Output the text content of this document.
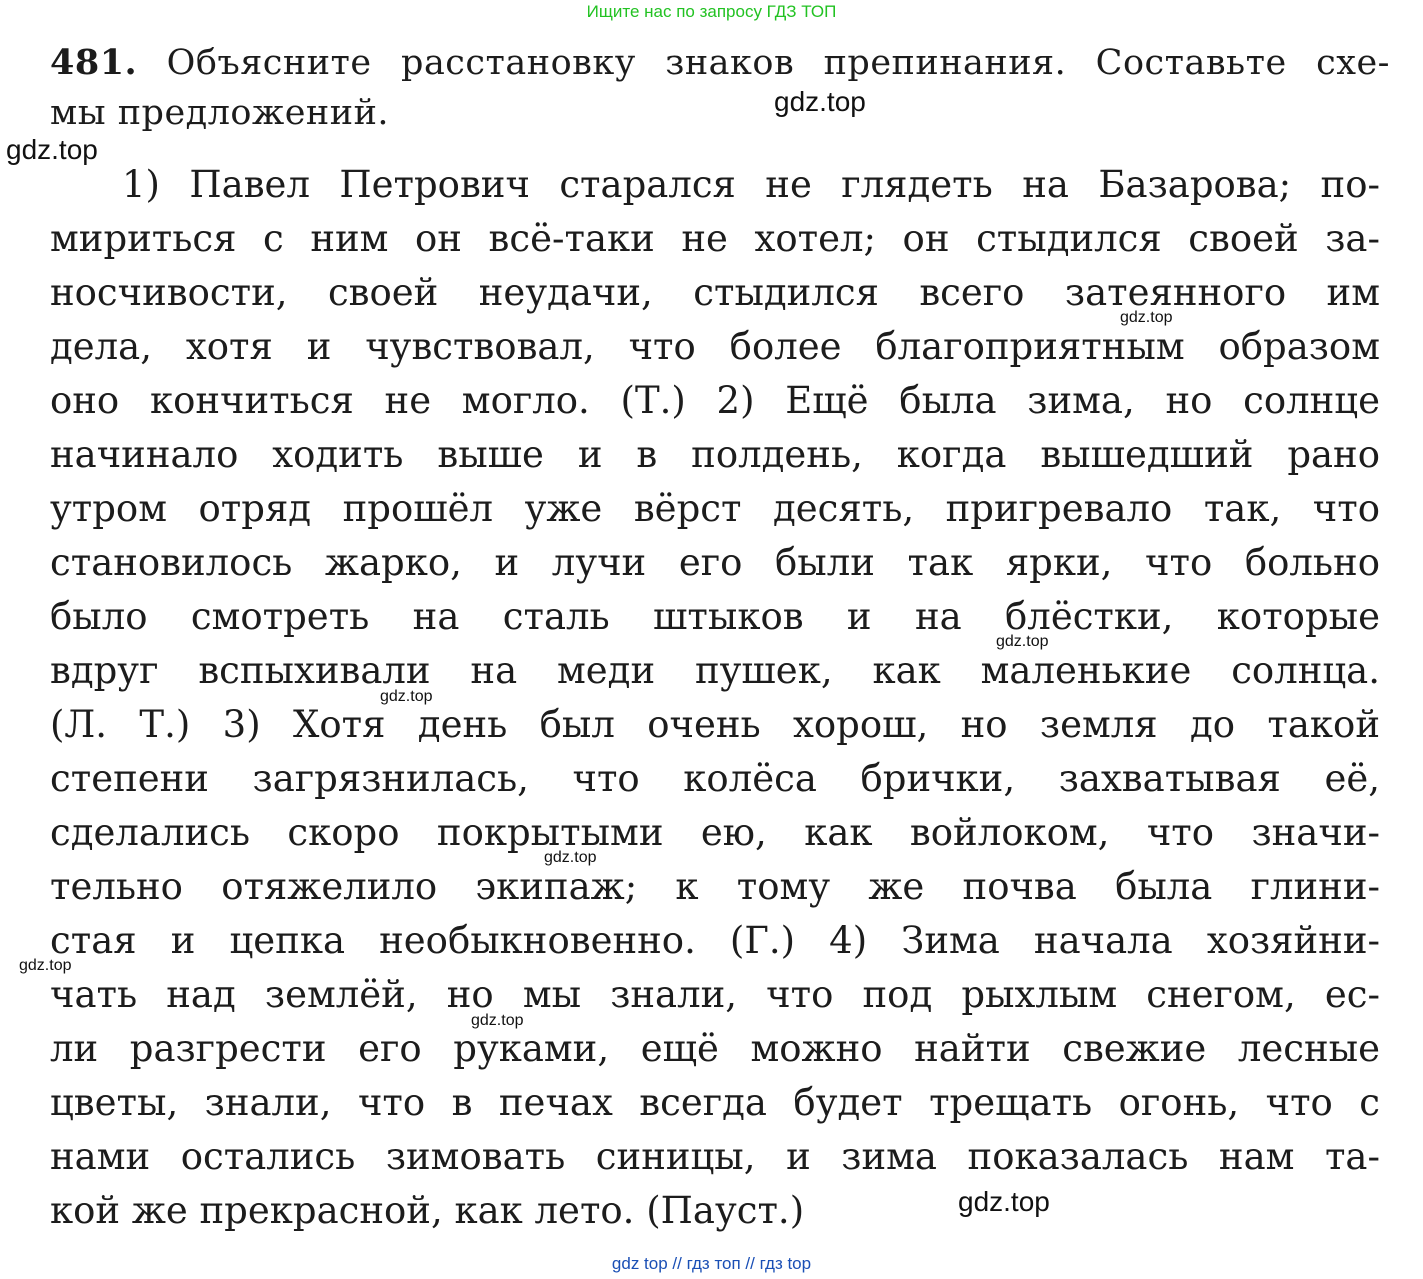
Ищите нас по запросу ГДЗ ТОП
481. Объясните расстановку знаков препинания. Составьте схе-
мы предложений.
1) Павел Петрович старался не глядеть на Базарова; по-
мириться с ним он всё-таки не хотел; он стыдился своей за-
носчивости, своей неудачи, стыдился всего затеянного им
дела, хотя и чувствовал, что более благоприятным образом
оно кончиться не могло. (Т.) 2) Ещё была зима, но солнце
начинало ходить выше и в полдень, когда вышедший рано
утром отряд прошёл уже вёрст десять, пригревало так, что
становилось жарко, и лучи его были так ярки, что больно
было смотреть на сталь штыков и на блёстки, которые
вдруг вспыхивали на меди пушек, как маленькие солнца.
(Л. Т.) 3) Хотя день был очень хорош, но земля до такой
степени загрязнилась, что колёса брички, захватывая её,
сделались скоро покрытыми ею, как войлоком, что значи-
тельно отяжелило экипаж; к тому же почва была глини-
стая и цепка необыкновенно. (Г.) 4) Зима начала хозяйни-
чать над землёй, но мы знали, что под рыхлым снегом, ес-
ли разгрести его руками, ещё можно найти свежие лесные
цветы, знали, что в печах всегда будет трещать огонь, что с
нами остались зимовать синицы, и зима показалась нам та-
кой же прекрасной, как лето. (Пауст.)
gdz.top
gdz.top
gdz.top
gdz.top
gdz.top
gdz.top
gdz.top
gdz.top
gdz.top
gdz top // гдз топ // гдз top
